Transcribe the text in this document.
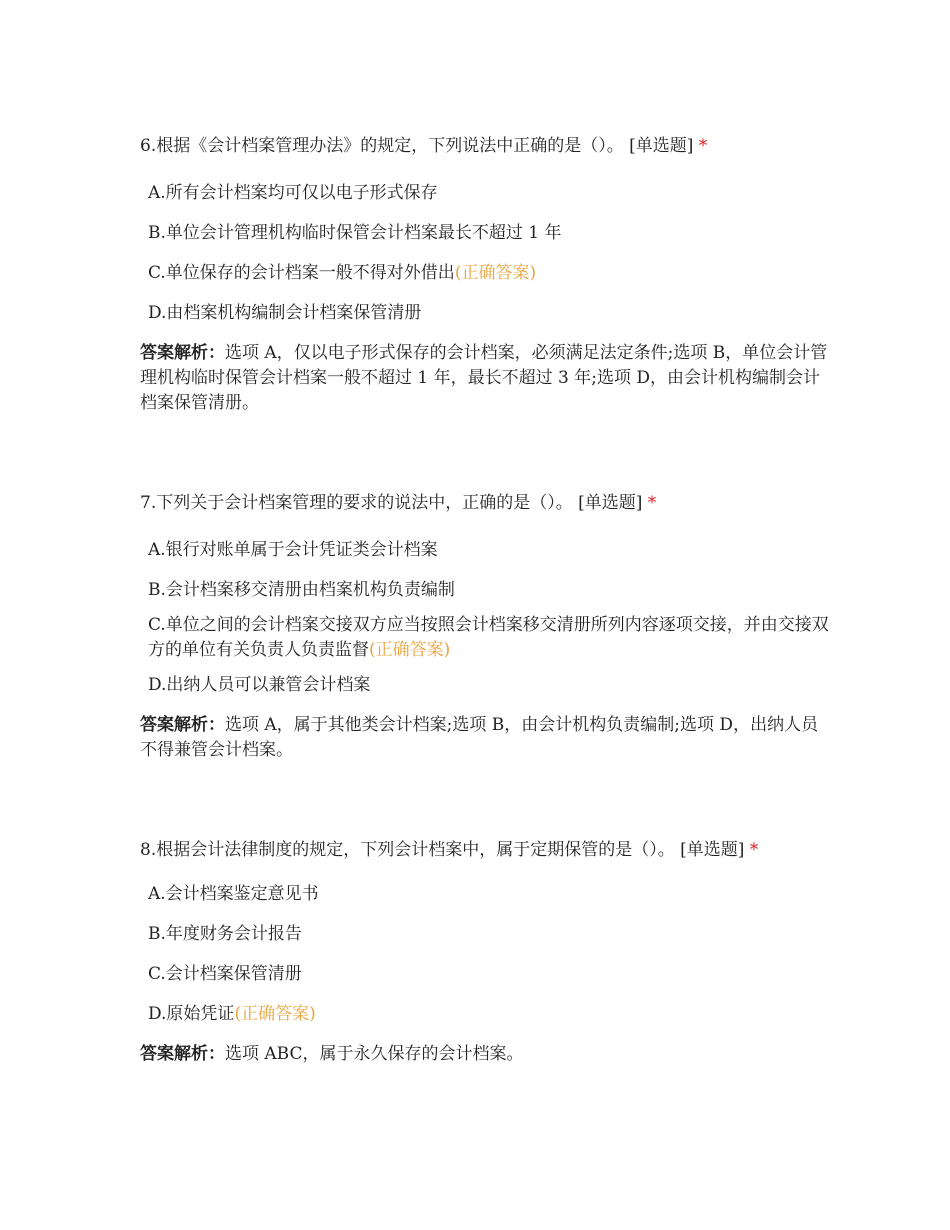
6.根据《会计档案管理办法》的规定，下列说法中正确的是（）。 [单选题] *

A.所有会计档案均可仅以电子形式保存
B.单位会计管理机构临时保管会计档案最长不超过 1 年
C.单位保存的会计档案一般不得对外借出(正确答案)
D.由档案机构编制会计档案保管清册

答案解析：选项 A，仅以电子形式保存的会计档案，必须满足法定条件;选项 B，单位会计管理机构临时保管会计档案一般不超过 1 年，最长不超过 3 年;选项 D，由会计机构编制会计档案保管清册。

7.下列关于会计档案管理的要求的说法中，正确的是（）。 [单选题] *

A.银行对账单属于会计凭证类会计档案
B.会计档案移交清册由档案机构负责编制
C.单位之间的会计档案交接双方应当按照会计档案移交清册所列内容逐项交接，并由交接双方的单位有关负责人负责监督(正确答案)
D.出纳人员可以兼管会计档案

答案解析：选项 A，属于其他类会计档案;选项 B，由会计机构负责编制;选项 D，出纳人员不得兼管会计档案。

8.根据会计法律制度的规定，下列会计档案中，属于定期保管的是（）。 [单选题] *

A.会计档案鉴定意见书
B.年度财务会计报告
C.会计档案保管清册
D.原始凭证(正确答案)

答案解析：选项 ABC，属于永久保存的会计档案。
